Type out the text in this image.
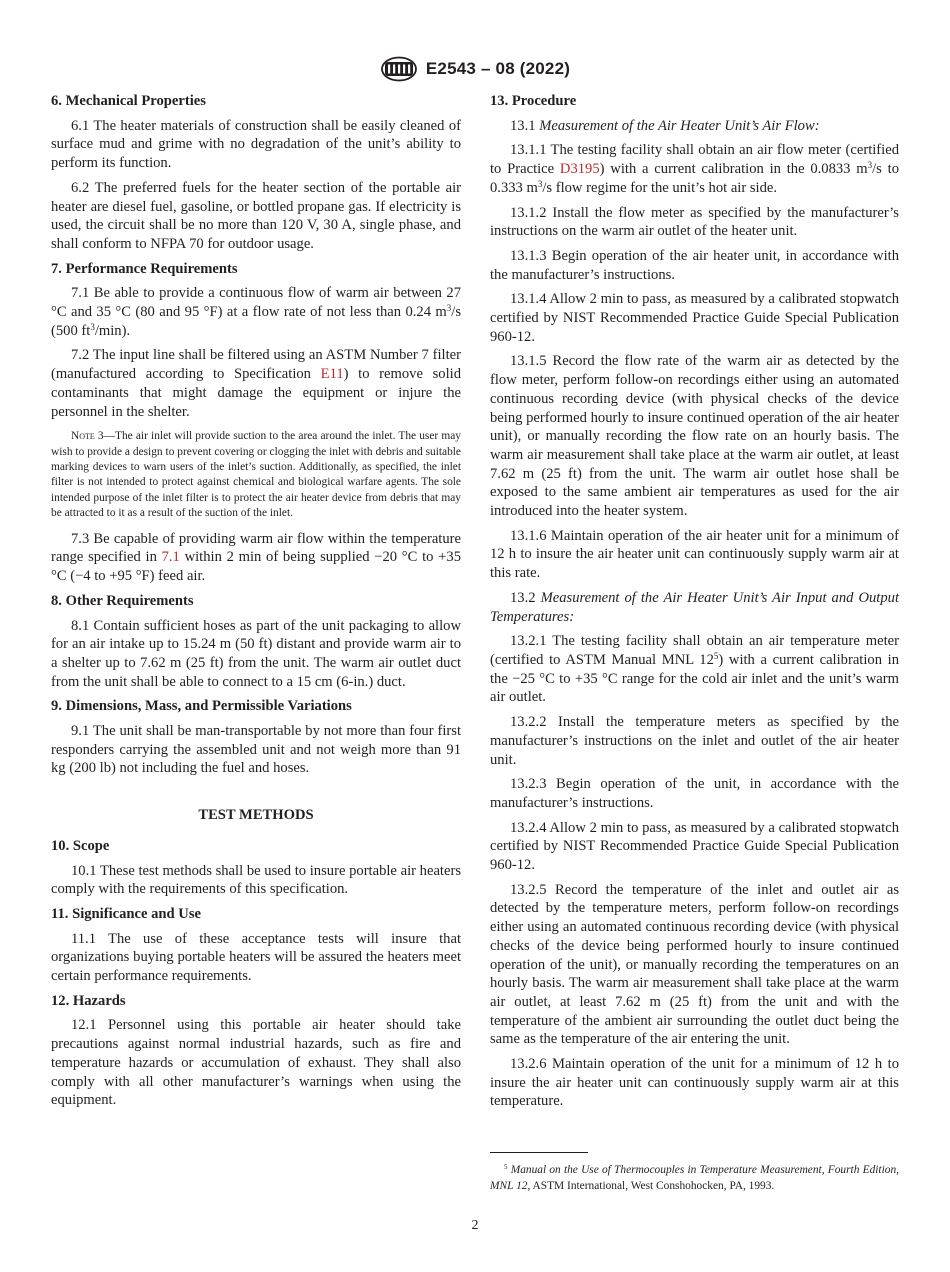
E2543 – 08 (2022)
6. Mechanical Properties

6.1 The heater materials of construction shall be easily cleaned of surface mud and grime with no degradation of the unit’s ability to perform its function.

6.2 The preferred fuels for the heater section of the portable air heater are diesel fuel, gasoline, or bottled propane gas. If electricity is used, the circuit shall be no more than 120 V, 30 A, single phase, and shall conform to NFPA 70 for outdoor usage.

7. Performance Requirements

7.1 Be able to provide a continuous flow of warm air between 27 °C and 35 °C (80 and 95 °F) at a flow rate of not less than 0.24 $m^3/s$ (500 $ft^3/\min$).

7.2 The input line shall be filtered using an ASTM Number 7 filter (manufactured according to Specification E11) to remove solid contaminants that might damage the equipment or injure the personnel in the shelter.

Note 3—The air inlet will provide suction to the area around the inlet. The user may wish to provide a design to prevent covering or clogging the inlet with debris and suitable marking devices to warn users of the inlet’s suction. Additionally, as specified, the inlet filter is not intended to protect against chemical and biological warfare agents. The sole intended purpose of the inlet filter is to protect the air heater device from debris that may be attracted to it as a result of the suction of the inlet.

7.3 Be capable of providing warm air flow within the temperature range specified in 7.1 within 2 min of being supplied −20 °C to +35 °C (−4 to +95 °F) feed air.

8. Other Requirements

8.1 Contain sufficient hoses as part of the unit packaging to allow for an air intake up to 15.24 m (50 ft) distant and provide warm air to a shelter up to 7.62 m (25 ft) from the unit. The warm air outlet duct from the unit shall be able to connect to a 15 cm (6-in.) duct.

9. Dimensions, Mass, and Permissible Variations

9.1 The unit shall be man-transportable by not more than four first responders carrying the assembled unit and not weigh more than 91 kg (200 lb) not including the fuel and hoses.

TEST METHODS
10. Scope

10.1 These test methods shall be used to insure portable air heaters comply with the requirements of this specification.

11. Significance and Use

11.1 The use of these acceptance tests will insure that organizations buying portable heaters will be assured the heaters meet certain performance requirements.

12. Hazards

12.1 Personnel using this portable air heater should take precautions against normal industrial hazards, such as fire and temperature hazards or accumulation of exhaust. They shall also comply with all other manufacturer’s warnings when using the equipment.

13. Procedure

13.1 Measurement of the Air Heater Unit’s Air Flow:

13.1.1 The testing facility shall obtain an air flow meter (certified to Practice D3195) with a current calibration in the 0.0833 $m^3/s$ to 0.333 $m^3/s$ flow regime for the unit’s hot air side.

13.1.2 Install the flow meter as specified by the manufacturer’s instructions on the warm air outlet of the heater unit.

13.1.3 Begin operation of the air heater unit, in accordance with the manufacturer’s instructions.

13.1.4 Allow 2 min to pass, as measured by a calibrated stopwatch certified by NIST Recommended Practice Guide Special Publication 960-12.

13.1.5 Record the flow rate of the warm air as detected by the flow meter, perform follow-on recordings either using an automated continuous recording device (with physical checks of the device being performed hourly to insure continued operation of the air heater unit), or manually recording the flow rate on an hourly basis. The warm air measurement shall take place at the warm air outlet, at least 7.62 m (25 ft) from the unit. The warm air outlet hose shall be exposed to the same ambient air temperatures as used for the air introduced into the heater system.

13.1.6 Maintain operation of the air heater unit for a minimum of 12 h to insure the air heater unit can continuously supply warm air at this rate.

13.2 Measurement of the Air Heater Unit’s Air Input and Output Temperatures:

13.2.1 The testing facility shall obtain an air temperature meter (certified to ASTM Manual MNL $12^5$) with a current calibration in the −25 °C to +35 °C range for the cold air inlet and the unit’s warm air outlet.

13.2.2 Install the temperature meters as specified by the manufacturer’s instructions on the inlet and outlet of the air heater unit.

13.2.3 Begin operation of the unit, in accordance with the manufacturer’s instructions.

13.2.4 Allow 2 min to pass, as measured by a calibrated stopwatch certified by NIST Recommended Practice Guide Special Publication 960-12.

13.2.5 Record the temperature of the inlet and outlet air as detected by the temperature meters, perform follow-on recordings either using an automated continuous recording device (with physical checks of the device being performed hourly to insure continued operation of the unit), or manually recording the temperatures on an hourly basis. The warm air measurement shall take place at the warm air outlet, at least 7.62 m (25 ft) from the unit and with the temperature of the ambient air surrounding the outlet duct being the same as the temperature of the air entering the unit.

13.2.6 Maintain operation of the unit for a minimum of 12 h to insure the air heater unit can continuously supply warm air at this temperature.

$^5$ Manual on the Use of Thermocouples in Temperature Measurement, Fourth Edition, MNL 12, ASTM International, West Conshohocken, PA, 1993.
2
